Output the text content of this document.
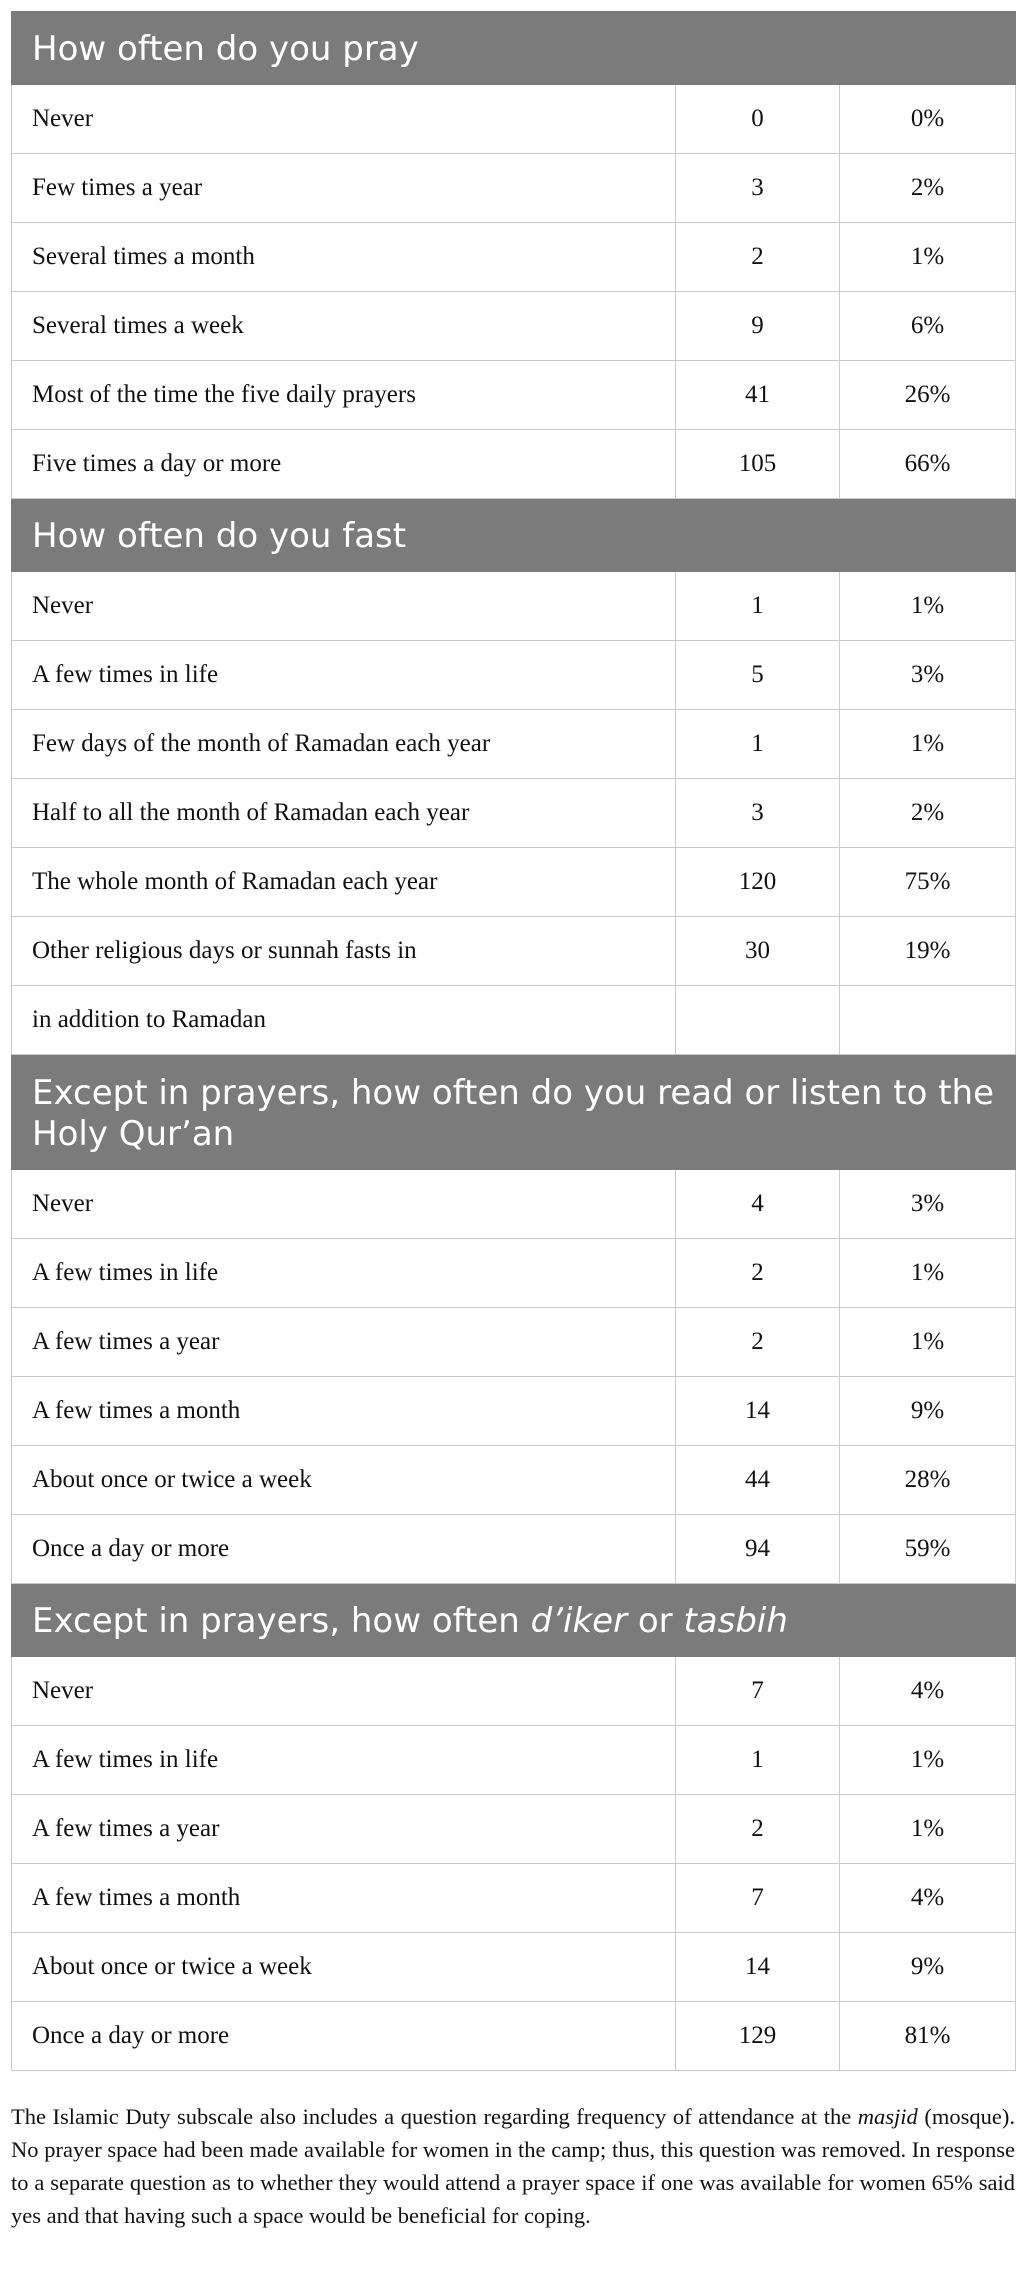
How often do you pray		
Never	0	0%
Few times a year	3	2%
Several times a month	2	1%
Several times a week	9	6%
Most of the time the five daily prayers	41	26%
Five times a day or more	105	66%
How often do you fast		
Never	1	1%
A few times in life	5	3%
Few days of the month of Ramadan each year	1	1%
Half to all the month of Ramadan each year	3	2%
The whole month of Ramadan each year	120	75%
Other religious days or sunnah fasts in	30	19%
in addition to Ramadan		
Except in prayers, how often do you read or listen to the Holy Qur’an		
Never	4	3%
A few times in life	2	1%
A few times a year	2	1%
A few times a month	14	9%
About once or twice a week	44	28%
Once a day or more	94	59%
Except in prayers, how often d’iker or tasbih		
Never	7	4%
A few times in life	1	1%
A few times a year	2	1%
A few times a month	7	4%
About once or twice a week	14	9%
Once a day or more	129	81%

The Islamic Duty subscale also includes a question regarding frequency of attendance at the masjid (mosque). No prayer space had been made available for women in the camp; thus, this question was removed. In response to a separate question as to whether they would attend a prayer space if one was available for women 65% said yes and that having such a space would be beneficial for coping.
